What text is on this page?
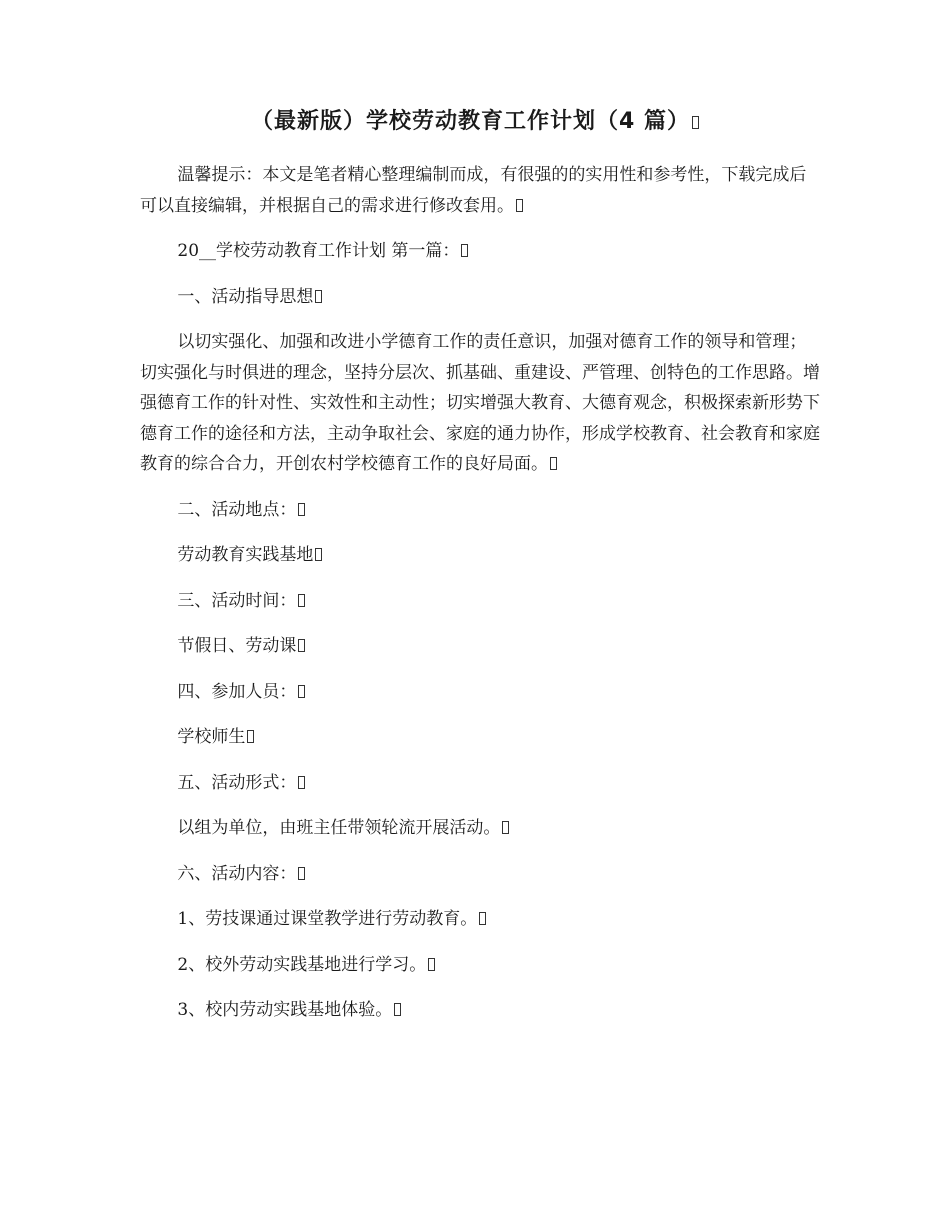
（最新版）学校劳动教育工作计划（4 篇）

温馨提示：本文是笔者精心整理编制而成，有很强的的实用性和参考性，下载完成后可以直接编辑，并根据自己的需求进行修改套用。

20__学校劳动教育工作计划 第一篇：

一、活动指导思想

以切实强化、加强和改进小学德育工作的责任意识，加强对德育工作的领导和管理；切实强化与时俱进的理念，坚持分层次、抓基础、重建设、严管理、创特色的工作思路。增强德育工作的针对性、实效性和主动性；切实增强大教育、大德育观念，积极探索新形势下德育工作的途径和方法，主动争取社会、家庭的通力协作，形成学校教育、社会教育和家庭教育的综合合力，开创农村学校德育工作的良好局面。

二、活动地点：

劳动教育实践基地

三、活动时间：

节假日、劳动课

四、参加人员：

学校师生

五、活动形式：

以组为单位，由班主任带领轮流开展活动。

六、活动内容：

1、劳技课通过课堂教学进行劳动教育。

2、校外劳动实践基地进行学习。

3、校内劳动实践基地体验。
